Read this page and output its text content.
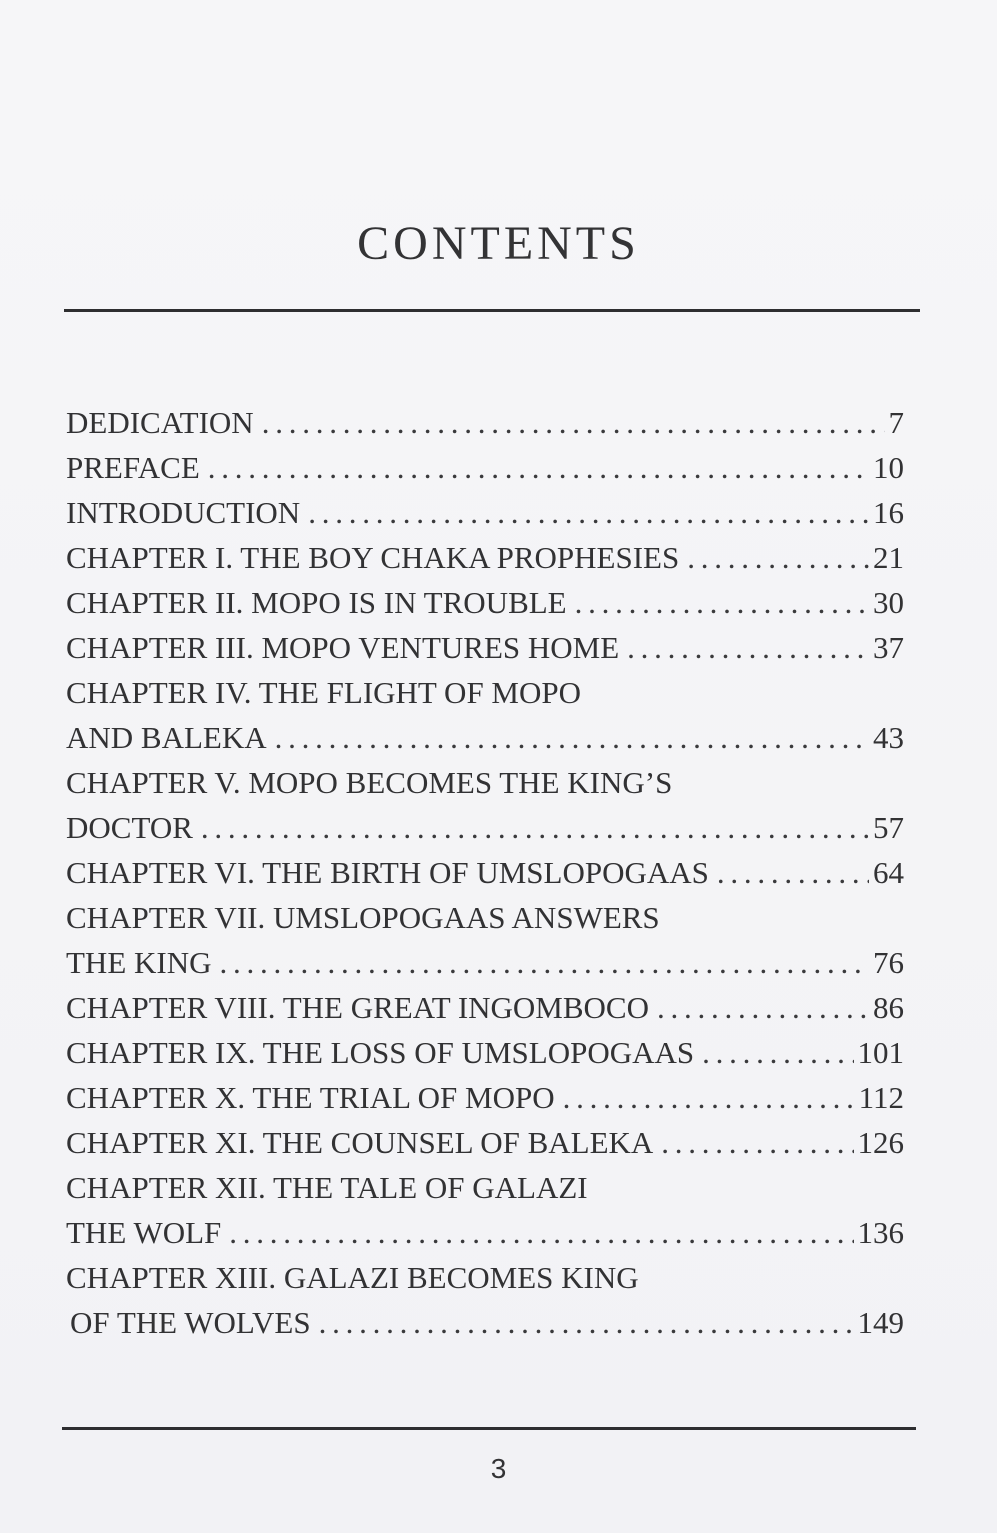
CONTENTS
DEDICATION . . .	7
PREFACE . . .	10
INTRODUCTION . . .	16
CHAPTER I. THE BOY CHAKA PROPHESIES . . .	21
CHAPTER II. MOPO IS IN TROUBLE . . .	30
CHAPTER III. MOPO VENTURES HOME . . .	37
CHAPTER IV. THE FLIGHT OF MOPO
AND BALEKA . . .	43
CHAPTER V. MOPO BECOMES THE KING’S
DOCTOR . . .	57
CHAPTER VI. THE BIRTH OF UMSLOPOGAAS . . .	64
CHAPTER VII. UMSLOPOGAAS ANSWERS
THE KING . . .	76
CHAPTER VIII. THE GREAT INGOMBOCO . . .	86
CHAPTER IX. THE LOSS OF UMSLOPOGAAS . . .	101
CHAPTER X. THE TRIAL OF MOPO . . .	112
CHAPTER XI. THE COUNSEL OF BALEKA . . .	126
CHAPTER XII. THE TALE OF GALAZI
THE WOLF . . .	136
CHAPTER XIII. GALAZI BECOMES KING
OF THE WOLVES . . .	149
3
